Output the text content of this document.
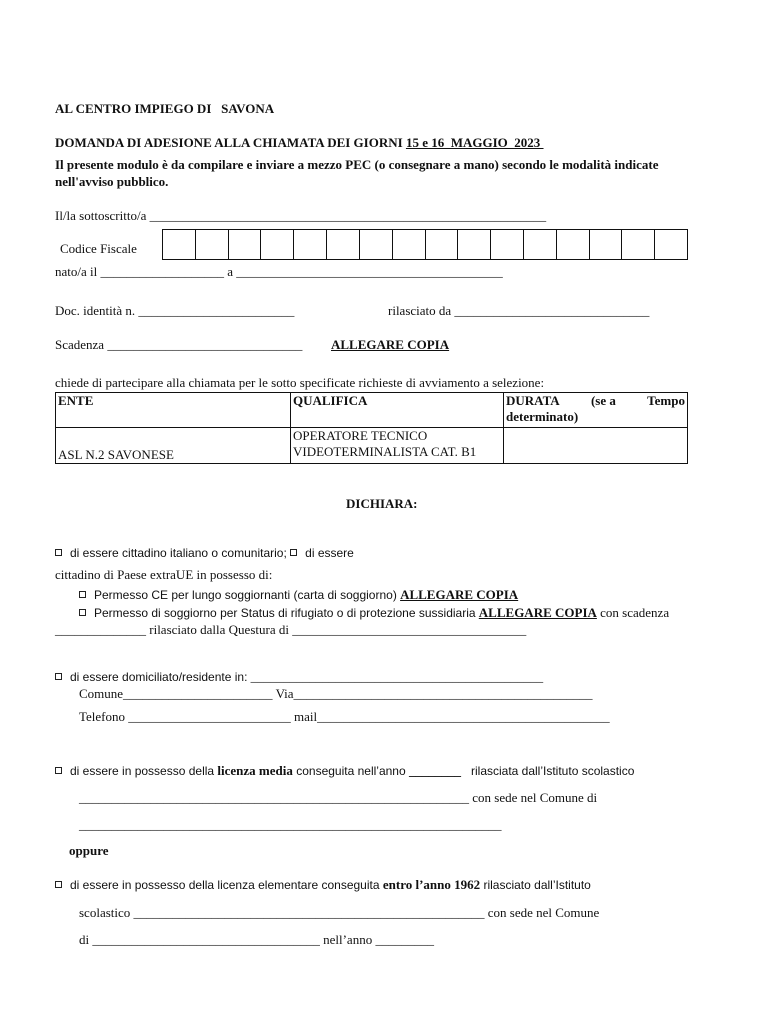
AL CENTRO IMPIEGO DI   SAVONA
DOMANDA DI ADESIONE ALLA CHIAMATA DEI GIORNI 15 e 16  MAGGIO  2023
Il presente modulo è da compilare e inviare a mezzo PEC (o consegnare a mano) secondo le modalità indicate
nell'avviso pubblico.
Il/la sottoscritto/a _____________________________________________________________
Codice Fiscale
nato/a il ___________________ a _________________________________________
Doc. identità n. ________________________	rilasciato da ______________________________
Scadenza ______________________________ ALLEGARE COPIA
chiede di partecipare alla chiamata per le sotto specificate richieste di avviamento a selezione:
ENTE	QUALIFICA	DURATA (se a Tempo
determinato)

ASL N.2 SAVONESE	OPERATORE TECNICO
VIDEOTERMINALISTA CAT. B1	

DICHIARA:
di essere cittadino italiano o comunitario; di essere
cittadino di Paese extraUE in possesso di:
Permesso CE per lungo soggiornanti (carta di soggiorno) ALLEGARE COPIA
Permesso di soggiorno per Status di rifugiato o di protezione sussidiaria ALLEGARE COPIA con scadenza
______________ rilasciato dalla Questura di ____________________________________
di essere domiciliato/residente in: _____________________________________________
Comune_______________________ Via______________________________________________
Telefono _________________________ mail_____________________________________________
di essere in possesso della licenza media conseguita nell’anno ________   rilasciata dall’Istituto scolastico
____________________________________________________________ con sede nel Comune di
_________________________________________________________________
oppure
di essere in possesso della licenza elementare conseguita entro l’anno 1962 rilasciato dall’Istituto
scolastico ______________________________________________________ con sede nel Comune
di ___________________________________ nell’anno _________
